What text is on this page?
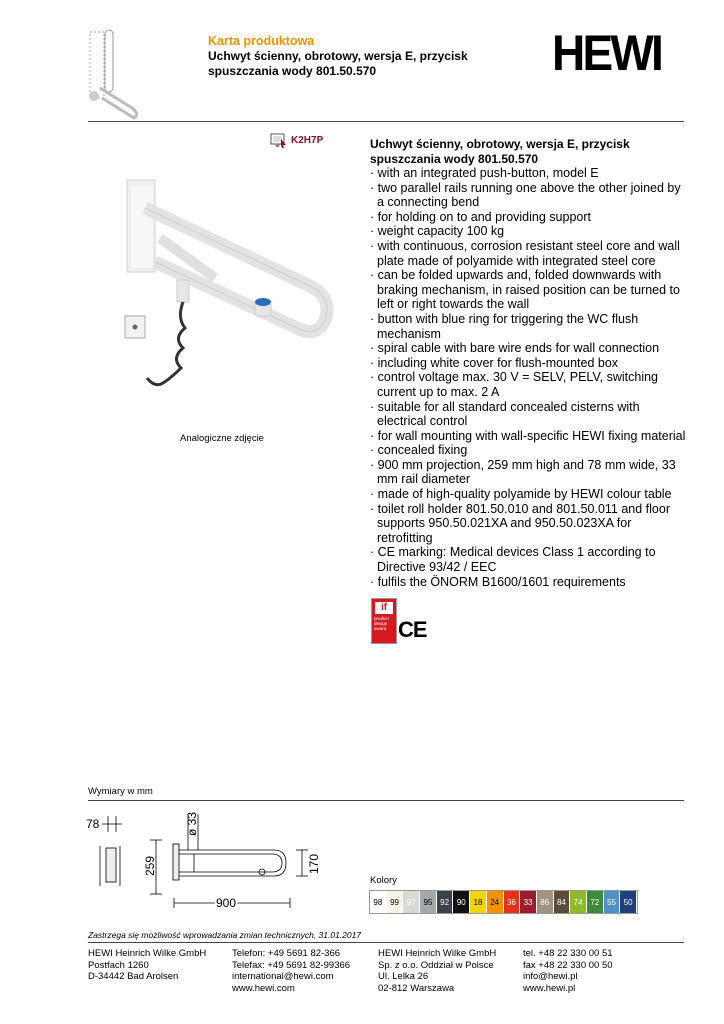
Karta produktowa
Uchwyt ścienny, obrotowy, wersja E, przycisk spuszczania wody 801.50.570	HEWI
K2H7P
Analogiczne zdjęcie
Uchwyt ścienny, obrotowy, wersja E, przycisk spuszczania wody 801.50.570
· with an integrated push-button, model E
· two parallel rails running one above the other joined by a connecting bend
· for holding on to and providing support
· weight capacity 100 kg
· with continuous, corrosion resistant steel core and wall plate made of polyamide with integrated steel core
· can be folded upwards and, folded downwards with braking mechanism, in raised position can be turned to left or right towards the wall
· button with blue ring for triggering the WC flush mechanism
· spiral cable with bare wire ends for wall connection
· including white cover for flush-mounted box
· control voltage max. 30 V = SELV, PELV, switching current up to max. 2 A
· suitable for all standard concealed cisterns with electrical control
· for wall mounting with wall-specific HEWI fixing material
· concealed fixing
· 900 mm projection, 259 mm high and 78 mm wide, 33 mm rail diameter
· made of high-quality polyamide by HEWI colour table
· toilet roll holder 801.50.010 and 801.50.011 and floor supports 950.50.021XA and 950.50.023XA for retrofitting
· CE marking: Medical devices Class 1 according to Directive 93/42 / EEC
· fulfils the ÖNORM B1600/1601 requirements
if
product
design
award CE
Wymiary w mm
78	ø 33
259	170
900
Kolory
98 99 97 95 92 90 18 24 36 33 86 84 74 72 55 50
Zastrzega się możliwość wprowadzania zmian technicznych, 31.01.2017
HEWI Heinrich Wilke GmbH
Postfach 1260
D-34442 Bad Arolsen
Telefon: +49 5691 82-366
Telefax: +49 5691 82-99366
international@hewi.com
www.hewi.com
HEWI Heinrich Wilke GmbH
Sp. z o.o. Oddział w Polsce
Ul. Lelka 26
02-812 Warszawa
tel. +48 22 330 00 51
fax +48 22 330 00 50
info@hewi.pl
www.hewi.pl
